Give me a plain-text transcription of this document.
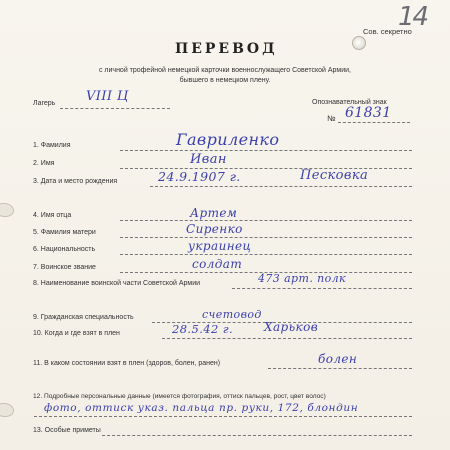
14
Сов. секретно
ПЕРЕВОД
с личной трофейной немецкой карточки военнослужащего Советской Армии,
бывшего в немецком плену.
Лагерь VIII Ц	Опознавательный знак
№ 61831
1. Фамилия	Гавриленко
2. Имя	Иван
3. Дата и место рождения	24.9.1907 г.	Песковка
4. Имя отца	Артем
5. Фамилия матери	Сиренко
6. Национальность	украинец
7. Воинское звание	солдат
8. Наименование воинской части Советской Армии	473 арт. полк
9. Гражданская специальность	счетовод
10. Когда и где взят в плен	28.5.42 г.	Харьков
11. В каком состоянии взят в плен (здоров, болен, ранен)	болен
12. Подробные персональные данные (имеется фотография, оттиск пальцев, рост, цвет волос)
фото, оттиск указ. пальца пр. руки, 172, блондин
13. Особые приметы
